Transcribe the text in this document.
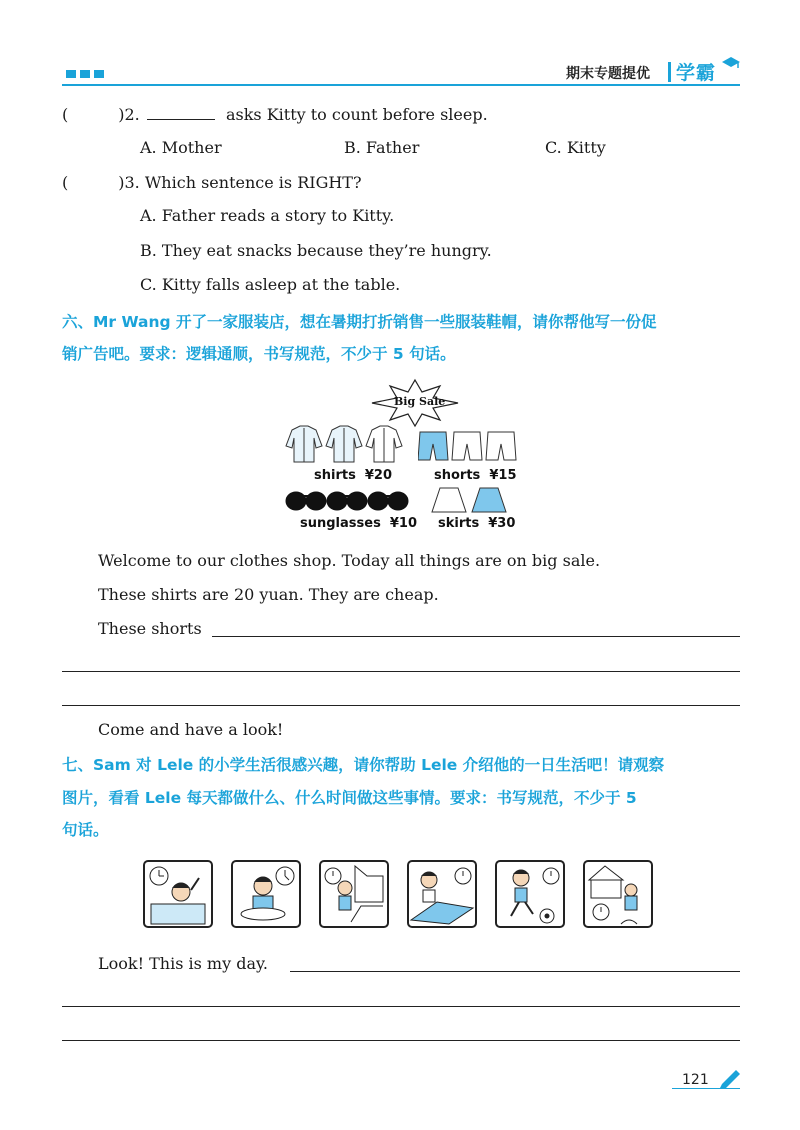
期末专题提优 学霸
(	)2.	asks Kitty to count before sleep.
A. Mother	B. Father	C. Kitty
(	)3. Which sentence is RIGHT?
A. Father reads a story to Kitty.
B. They eat snacks because they’re hungry.
C. Kitty falls asleep at the table.
六、Mr Wang 开了一家服装店，想在暑期打折销售一些服装鞋帽，请你帮他写一份促
销广告吧。要求：逻辑通顺，书写规范，不少于 5 句话。
Big Sale
shirts ¥20	shorts ¥15
sunglasses ¥10 skirts ¥30
Welcome to our clothes shop. Today all things are on big sale.
These shirts are 20 yuan. They are cheap.
These shorts
Come and have a look!
七、Sam 对 Lele 的小学生活很感兴趣，请你帮助 Lele 介绍他的一日生活吧！请观察
图片，看看 Lele 每天都做什么、什么时间做这些事情。要求：书写规范，不少于 5
句话。
Look! This is my day.
121
